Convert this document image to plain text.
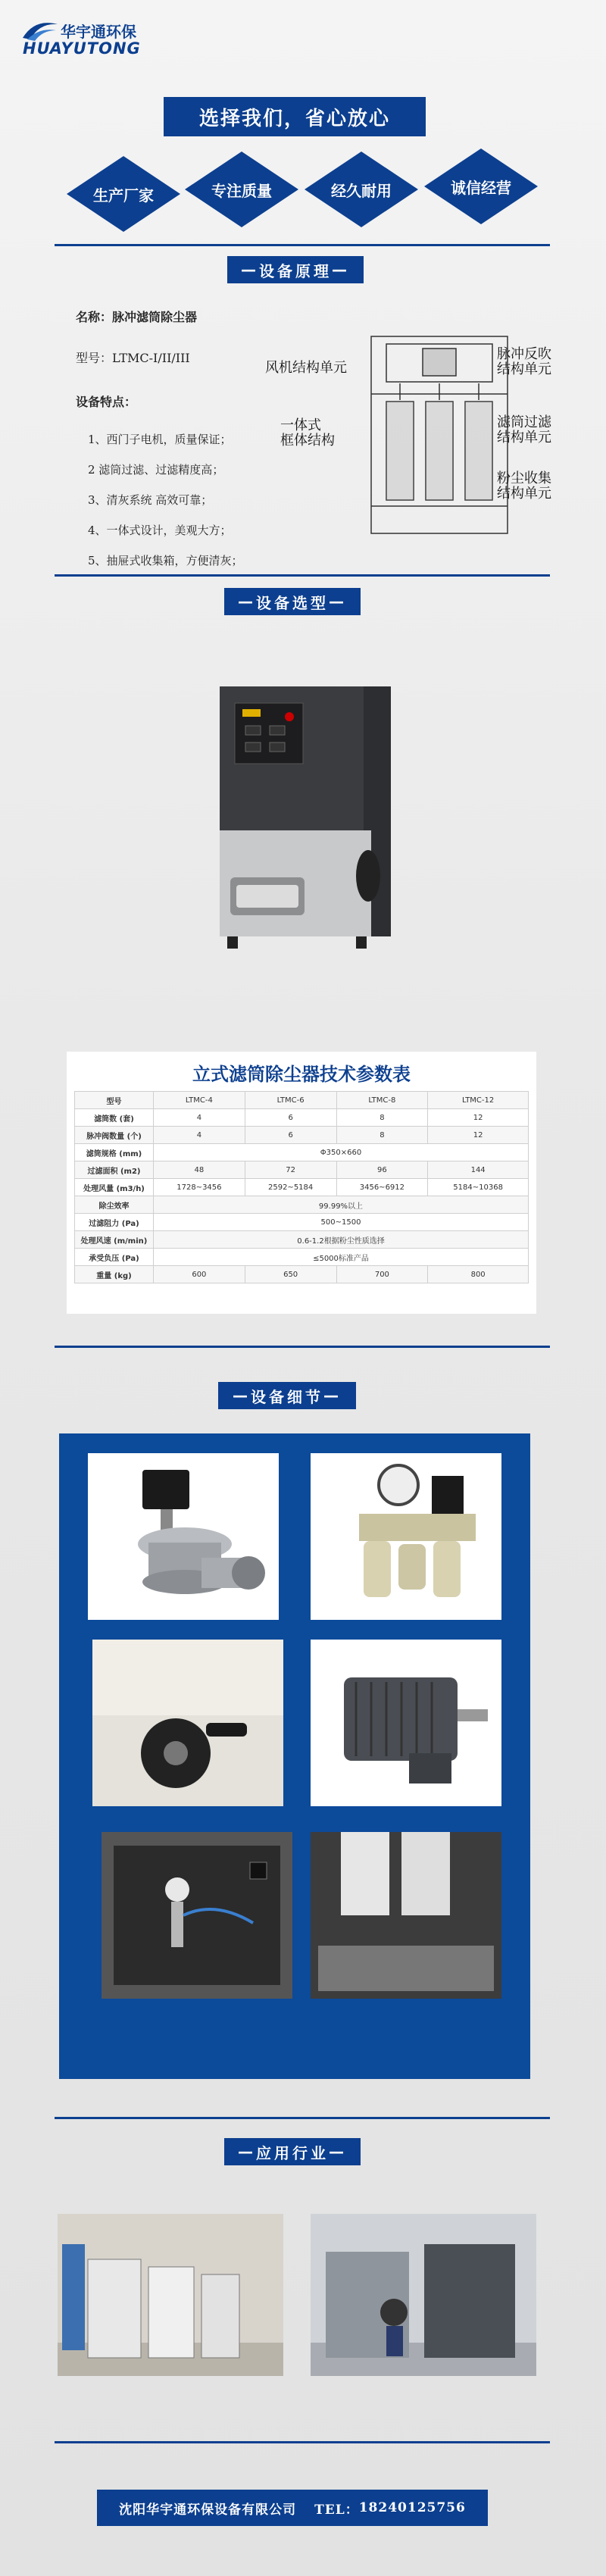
华宇通环保
HUAYUTONG
选择我们，省心放心
生产厂家	专注质量	经久耐用	诚信经营
— 设备原理 —
名称：脉冲滤筒除尘器
型号：LTMC-I/II/III
设备特点：
1、西门子电机，质量保证；
2 滤筒过滤、过滤精度高；
3、清灰系统 高效可靠；
4、一体式设计，美观大方；
5、抽屉式收集箱，方便清灰；
风机结构单元
脉冲反吹
结构单元
一体式
框体结构
滤筒过滤
结构单元
粉尘收集
结构单元
— 设备选型 —
立式滤筒除尘器技术参数表
型号	LTMC-4	LTMC-6	LTMC-8	LTMC-12
滤筒数 (套)	4	6	8	12
脉冲阀数量 (个)	4	6	8	12
滤筒规格 (mm)	Φ350×660			
过滤面积 (m2)	48	72	96	144
处理风量 (m3/h)	1728~3456	2592~5184	3456~6912	5184~10368
除尘效率	99.99%以上			
过滤阻力 (Pa)	500~1500			
处理风速 (m/min)	0.6-1.2根据粉尘性质选择			
承受负压 (Pa)	≤5000标准产品			
重量 (kg)	600	650	700	800
— 设备细节 —
— 应用行业 —
沈阳华宇通环保设备有限公司 TEL： 18240125756
